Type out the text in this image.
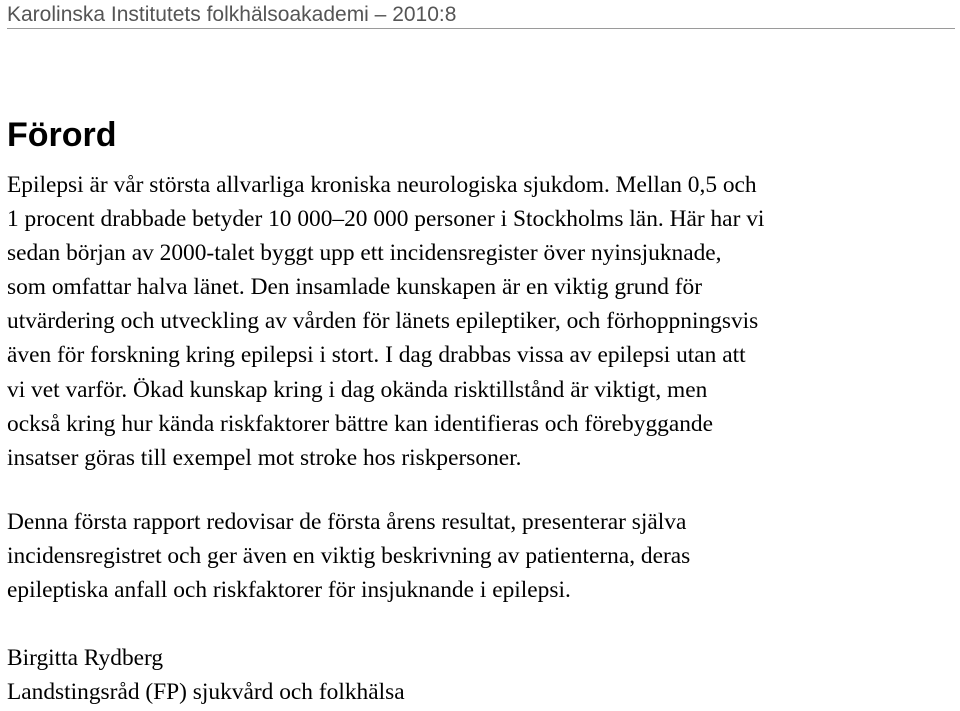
Karolinska Institutets folkhälsoakademi – 2010:8
Förord
Epilepsi är vår största allvarliga kroniska neurologiska sjukdom. Mellan 0,5 och
1 procent drabbade betyder 10 000–20 000 personer i Stockholms län. Här har vi
sedan början av 2000-talet byggt upp ett incidensregister över nyinsjuknade,
som omfattar halva länet. Den insamlade kunskapen är en viktig grund för
utvärdering och utveckling av vården för länets epileptiker, och förhoppningsvis
även för forskning kring epilepsi i stort. I dag drabbas vissa av epilepsi utan att
vi vet varför. Ökad kunskap kring i dag okända risktillstånd är viktigt, men
också kring hur kända riskfaktorer bättre kan identifieras och förebyggande
insatser göras till exempel mot stroke hos riskpersoner.
Denna första rapport redovisar de första årens resultat, presenterar själva
incidensregistret och ger även en viktig beskrivning av patienterna, deras
epileptiska anfall och riskfaktorer för insjuknande i epilepsi.
Birgitta Rydberg
Landstingsråd (FP) sjukvård och folkhälsa
